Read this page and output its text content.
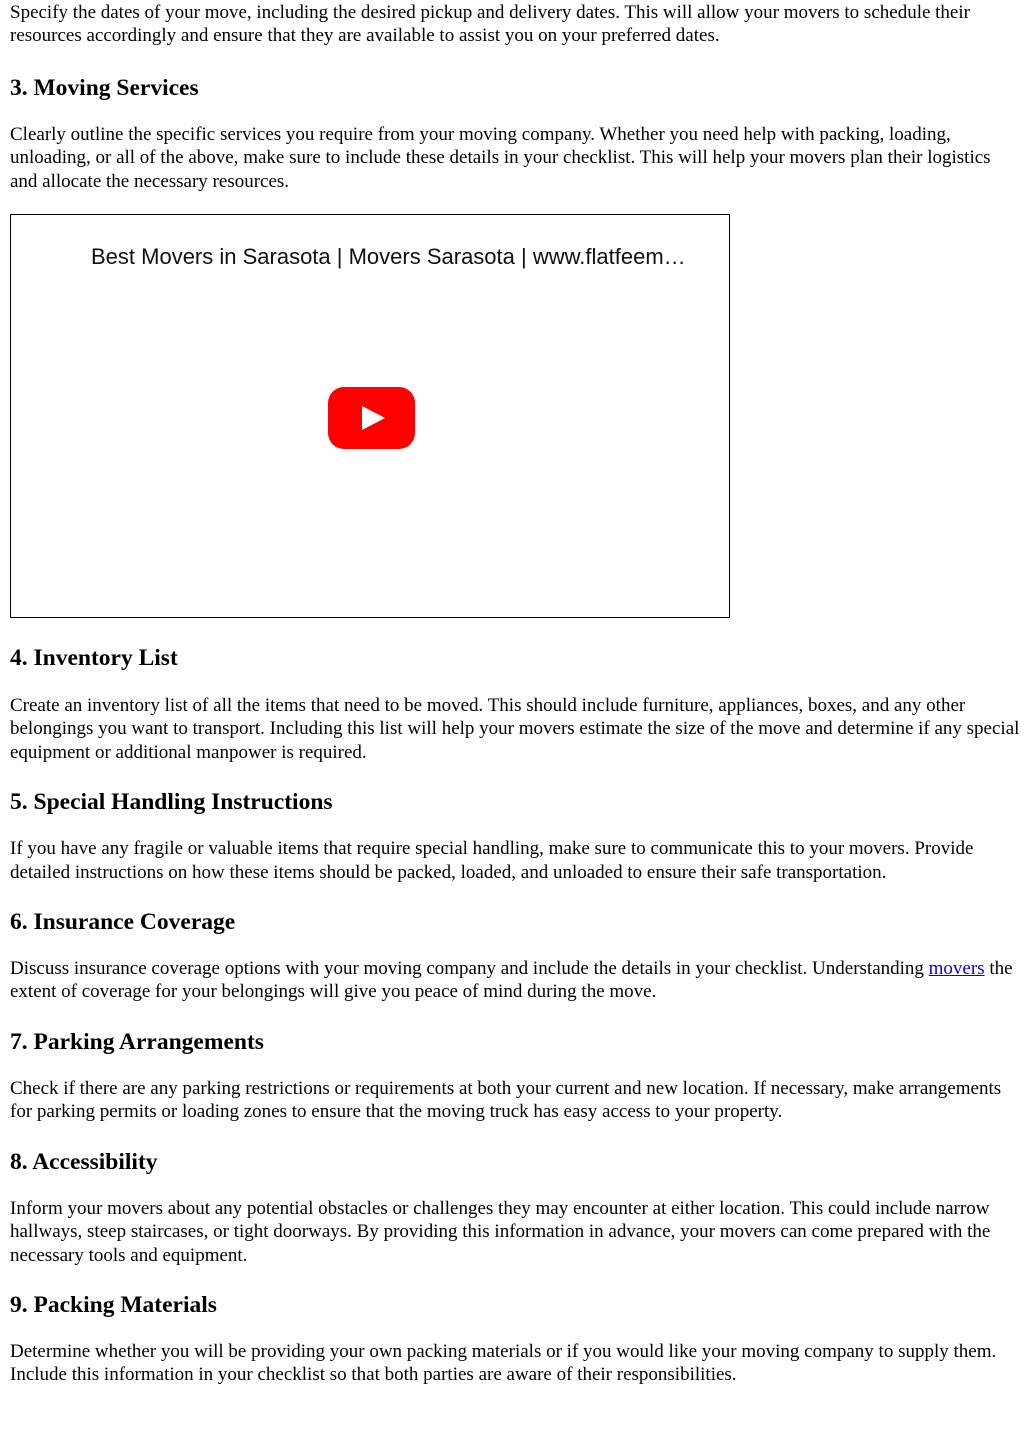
Specify the dates of your move, including the desired pickup and delivery dates. This will allow your movers to schedule their resources accordingly and ensure that they are available to assist you on your preferred dates.

3. Moving Services

Clearly outline the specific services you require from your moving company. Whether you need help with packing, loading, unloading, or all of the above, make sure to include these details in your checklist. This will help your movers plan their logistics and allocate the necessary resources.

Best Movers in Sarasota | Movers Sarasota | www.flatfeem…
4. Inventory List

Create an inventory list of all the items that need to be moved. This should include furniture, appliances, boxes, and any other belongings you want to transport. Including this list will help your movers estimate the size of the move and determine if any special equipment or additional manpower is required.

5. Special Handling Instructions

If you have any fragile or valuable items that require special handling, make sure to communicate this to your movers. Provide detailed instructions on how these items should be packed, loaded, and unloaded to ensure their safe transportation.

6. Insurance Coverage

Discuss insurance coverage options with your moving company and include the details in your checklist. Understanding movers the extent of coverage for your belongings will give you peace of mind during the move.

7. Parking Arrangements

Check if there are any parking restrictions or requirements at both your current and new location. If necessary, make arrangements for parking permits or loading zones to ensure that the moving truck has easy access to your property.

8. Accessibility

Inform your movers about any potential obstacles or challenges they may encounter at either location. This could include narrow hallways, steep staircases, or tight doorways. By providing this information in advance, your movers can come prepared with the necessary tools and equipment.

9. Packing Materials

Determine whether you will be providing your own packing materials or if you would like your moving company to supply them. Include this information in your checklist so that both parties are aware of their responsibilities.
